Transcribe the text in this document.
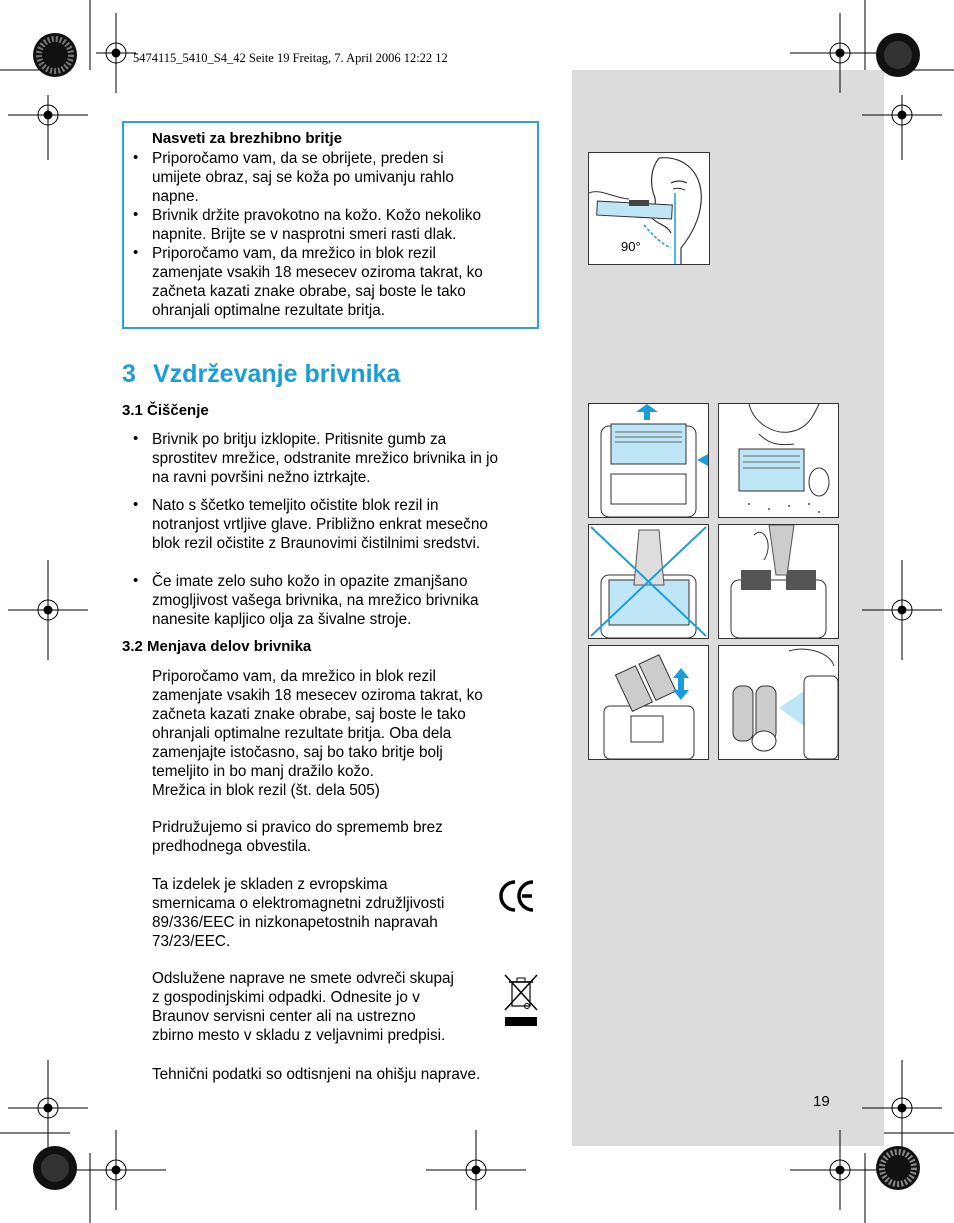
5474115_5410_S4_42 Seite 19 Freitag, 7. April 2006 12:22 12
Nasveti za brezhibno britje
• Priporočamo vam, da se obrijete, preden si
umijete obraz, saj se koža po umivanju rahlo
napne.
• Brivnik držite pravokotno na kožo. Kožo nekoliko
napnite. Brijte se v nasprotni smeri rasti dlak.
• Priporočamo vam, da mrežico in blok rezil
zamenjate vsakih 18 mesecev oziroma takrat, ko
začneta kazati znake obrabe, saj boste le tako
ohranjali optimalne rezultate britja.
3 Vzdrževanje brivnika
3.1 Čiščenje
• Brivnik po britju izklopite. Pritisnite gumb za
sprostitev mrežice, odstranite mrežico brivnika in jo
na ravni površini nežno iztrkajte.
• Nato s ščetko temeljito očistite blok rezil in
notranjost vrtljive glave. Približno enkrat mesečno
blok rezil očistite z Braunovimi čistilnimi sredstvi.
• Če imate zelo suho kožo in opazite zmanjšano
zmogljivost vašega brivnika, na mrežico brivnika
nanesite kapljico olja za šivalne stroje.
3.2 Menjava delov brivnika
Priporočamo vam, da mrežico in blok rezil
zamenjate vsakih 18 mesecev oziroma takrat, ko
začneta kazati znake obrabe, saj boste le tako
ohranjali optimalne rezultate britja. Oba dela
zamenjajte istočasno, saj bo tako britje bolj
temeljito in bo manj dražilo kožo.
Mrežica in blok rezil (št. dela 505)
Pridružujemo si pravico do sprememb brez
predhodnega obvestila.
Ta izdelek je skladen z evropskima
smernicama o elektromagnetni združljivosti
89/336/EEC in nizkonapetostnih napravah
73/23/EEC.
Odslužene naprave ne smete odvreči skupaj
z gospodinjskimi odpadki. Odnesite jo v
Braunov servisni center ali na ustrezno
zbirno mesto v skladu z veljavnimi predpisi.
Tehnični podatki so odtisnjeni na ohišju naprave.
90°
19
